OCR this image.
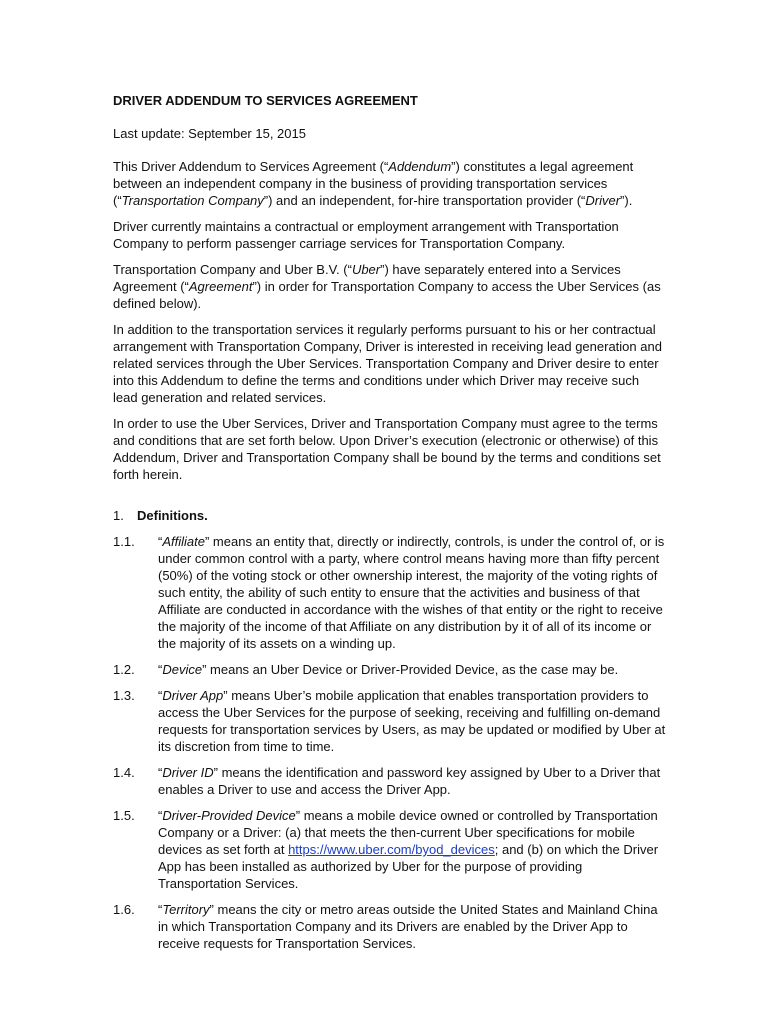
DRIVER ADDENDUM TO SERVICES AGREEMENT
Last update: September 15, 2015

This Driver Addendum to Services Agreement (“Addendum”) constitutes a legal agreement between an independent company in the business of providing transportation services (“Transportation Company”) and an independent, for-hire transportation provider (“Driver”).

Driver currently maintains a contractual or employment arrangement with Transportation Company to perform passenger carriage services for Transportation Company.

Transportation Company and Uber B.V. (“Uber”) have separately entered into a Services Agreement (“Agreement”) in order for Transportation Company to access the Uber Services (as defined below).

In addition to the transportation services it regularly performs pursuant to his or her contractual arrangement with Transportation Company, Driver is interested in receiving lead generation and related services through the Uber Services. Transportation Company and Driver desire to enter into this Addendum to define the terms and conditions under which Driver may receive such lead generation and related services.

In order to use the Uber Services, Driver and Transportation Company must agree to the terms and conditions that are set forth below. Upon Driver’s execution (electronic or otherwise) of this Addendum, Driver and Transportation Company shall be bound by the terms and conditions set forth herein.

1.	Definitions.
1.1.	“Affiliate” means an entity that, directly or indirectly, controls, is under the control of, or is under common control with a party, where control means having more than fifty percent (50%) of the voting stock or other ownership interest, the majority of the voting rights of such entity, the ability of such entity to ensure that the activities and business of that Affiliate are conducted in accordance with the wishes of that entity or the right to receive the majority of the income of that Affiliate on any distribution by it of all of its income or the majority of its assets on a winding up.
1.2.	“Device” means an Uber Device or Driver-Provided Device, as the case may be.
1.3.	“Driver App” means Uber’s mobile application that enables transportation providers to access the Uber Services for the purpose of seeking, receiving and fulfilling on-demand requests for transportation services by Users, as may be updated or modified by Uber at its discretion from time to time.
1.4.	“Driver ID” means the identification and password key assigned by Uber to a Driver that enables a Driver to use and access the Driver App.
1.5.	“Driver-Provided Device” means a mobile device owned or controlled by Transportation Company or a Driver: (a) that meets the then-current Uber specifications for mobile devices as set forth at https://www.uber.com/byod_devices; and (b) on which the Driver App has been installed as authorized by Uber for the purpose of providing Transportation Services.
1.6.	“Territory” means the city or metro areas outside the United States and Mainland China in which Transportation Company and its Drivers are enabled by the Driver App to receive requests for Transportation Services.
